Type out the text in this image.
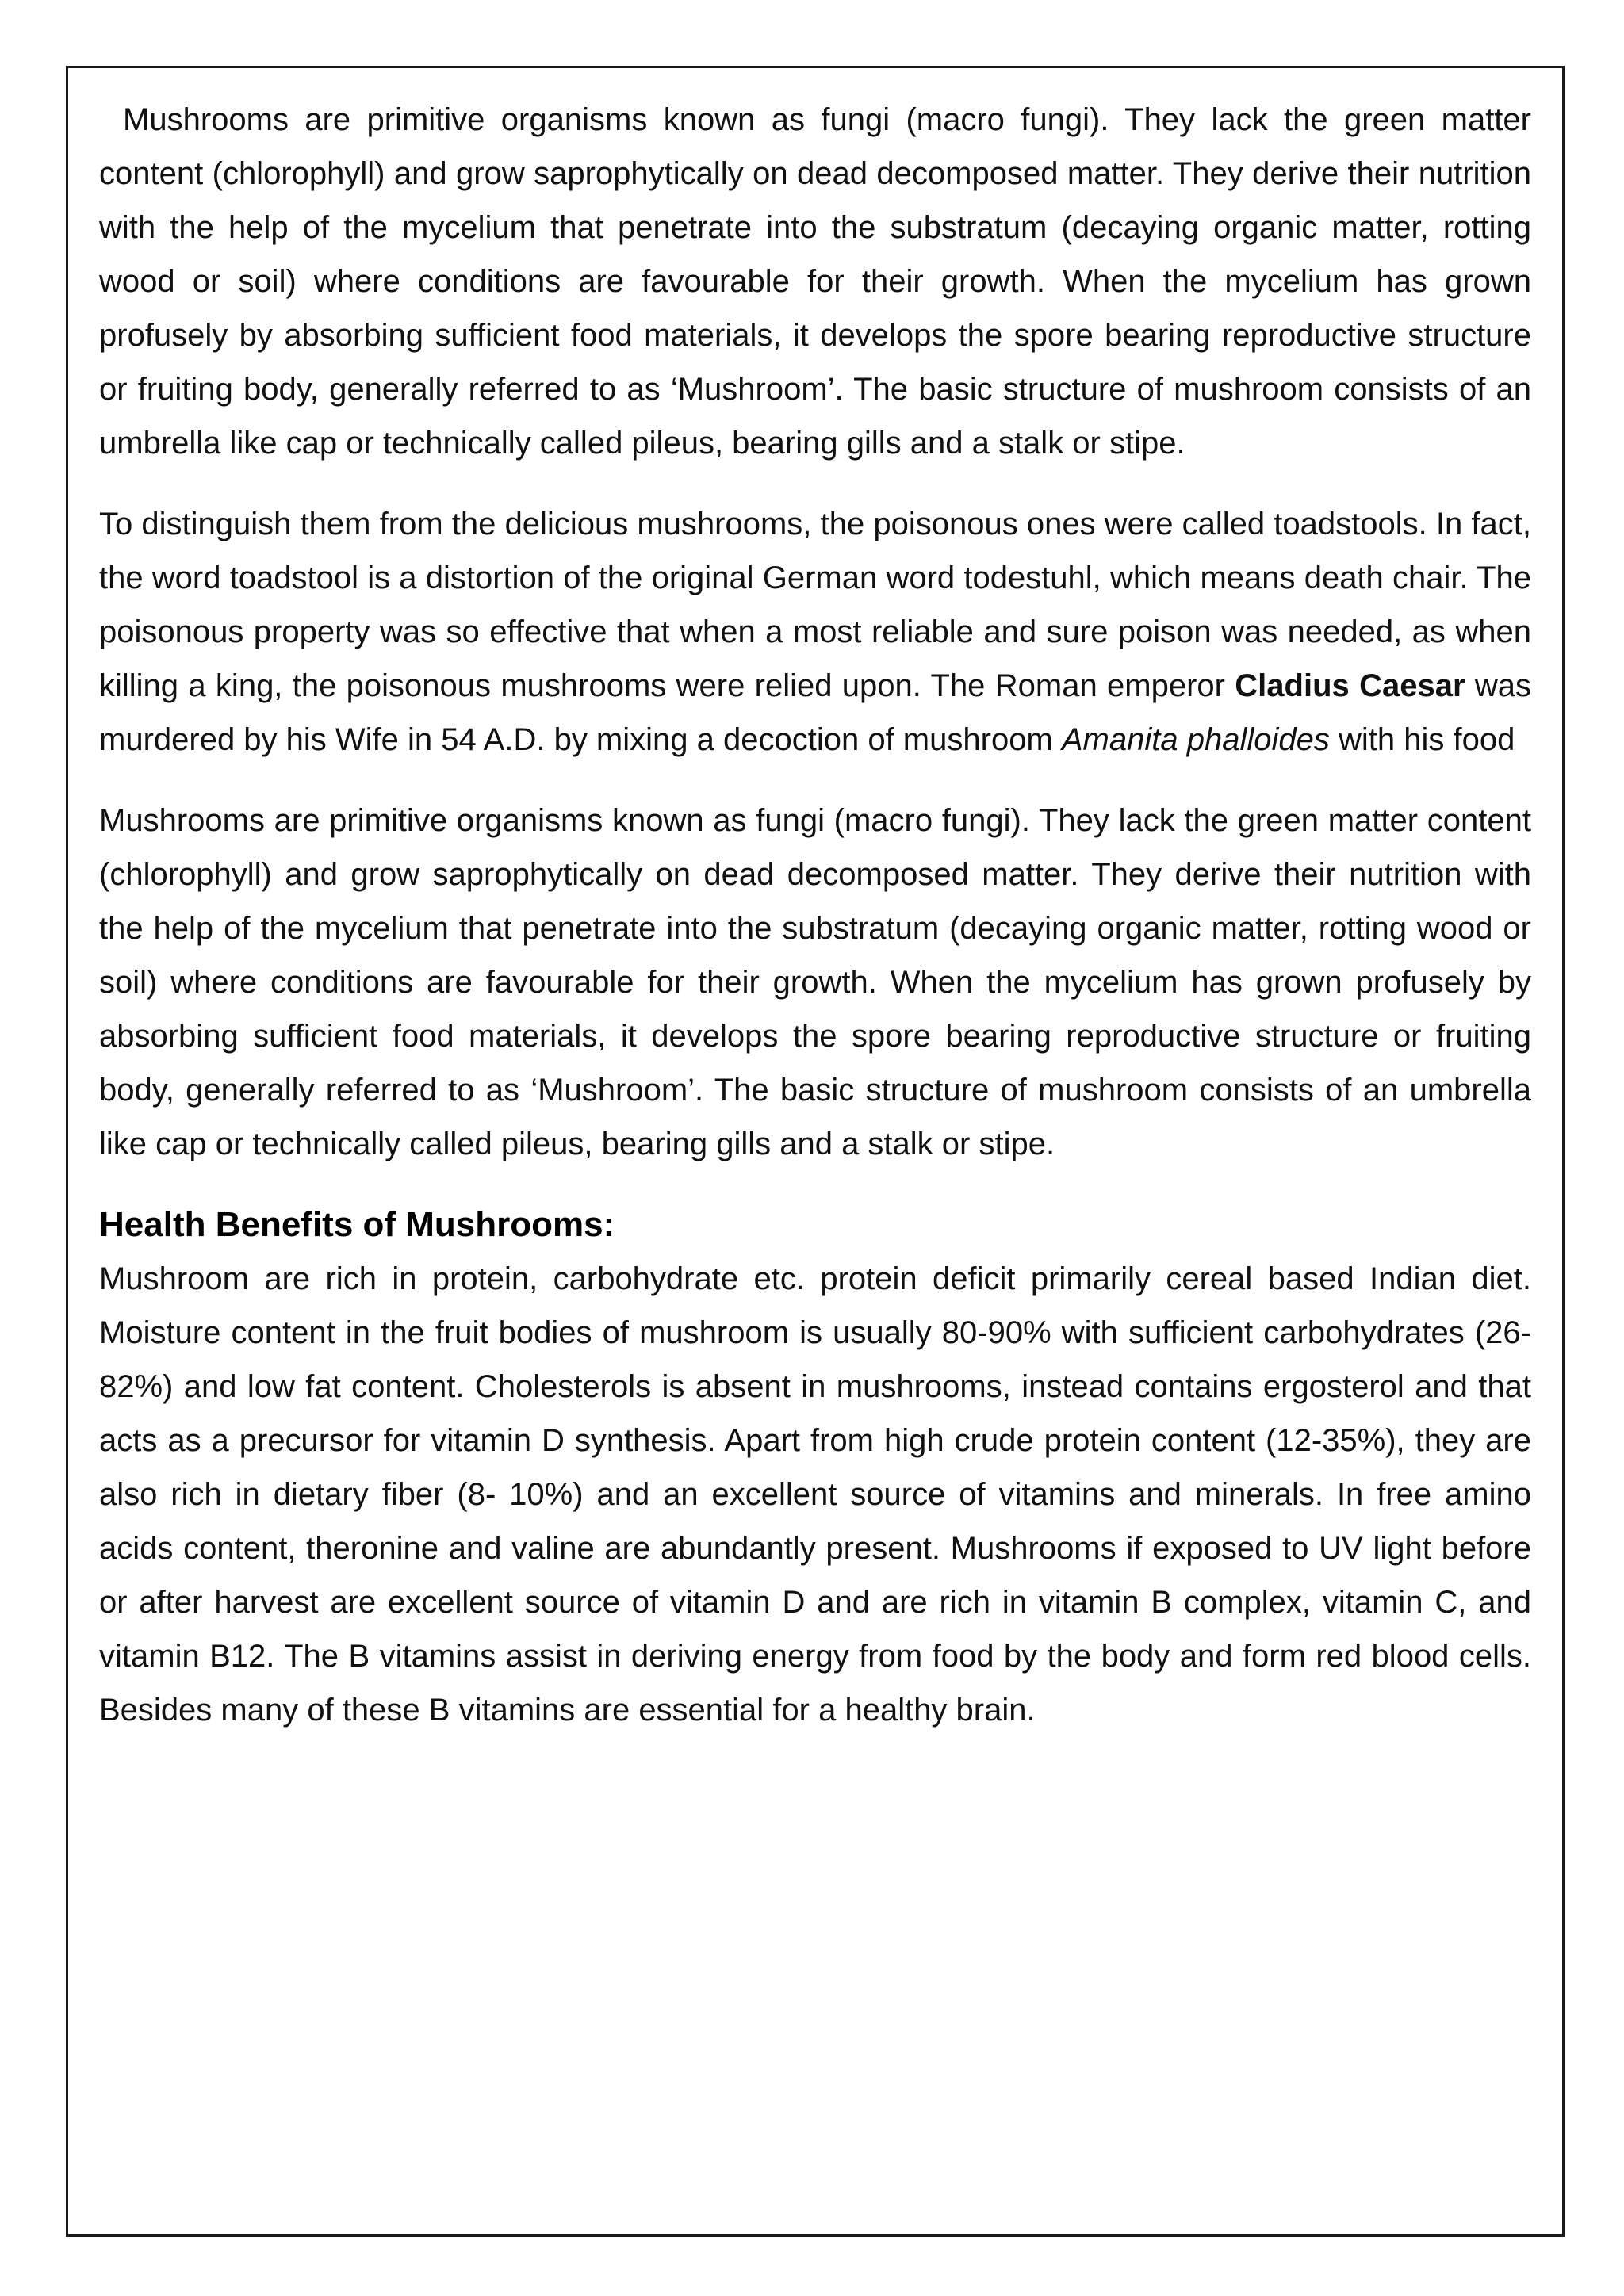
Mushrooms are primitive organisms known as fungi (macro fungi). They lack the green matter content (chlorophyll) and grow saprophytically on dead decomposed matter. They derive their nutrition with the help of the mycelium that penetrate into the substratum (decaying organic matter, rotting wood or soil) where conditions are favourable for their growth. When the mycelium has grown profusely by absorbing sufficient food materials, it develops the spore bearing reproductive structure or fruiting body, generally referred to as ‘Mushroom’. The basic structure of mushroom consists of an umbrella like cap or technically called pileus, bearing gills and a stalk or stipe.

To distinguish them from the delicious mushrooms, the poisonous ones were called toadstools. In fact, the word toadstool is a distortion of the original German word todestuhl, which means death chair. The poisonous property was so effective that when a most reliable and sure poison was needed, as when killing a king, the poisonous mushrooms were relied upon. The Roman emperor Cladius Caesar was murdered by his Wife in 54 A.D. by mixing a decoction of mushroom Amanita phalloides with his food

Mushrooms are primitive organisms known as fungi (macro fungi). They lack the green matter content (chlorophyll) and grow saprophytically on dead decomposed matter. They derive their nutrition with the help of the mycelium that penetrate into the substratum (decaying organic matter, rotting wood or soil) where conditions are favourable for their growth. When the mycelium has grown profusely by absorbing sufficient food materials, it develops the spore bearing reproductive structure or fruiting body, generally referred to as ‘Mushroom’. The basic structure of mushroom consists of an umbrella like cap or technically called pileus, bearing gills and a stalk or stipe.

Health Benefits of Mushrooms:

Mushroom are rich in protein, carbohydrate etc. protein deficit primarily cereal based Indian diet. Moisture content in the fruit bodies of mushroom is usually 80-90% with sufficient carbohydrates (26-82%) and low fat content. Cholesterols is absent in mushrooms, instead contains ergosterol and that acts as a precursor for vitamin D synthesis. Apart from high crude protein content (12-35%), they are also rich in dietary fiber (8- 10%) and an excellent source of vitamins and minerals. In free amino acids content, theronine and valine are abundantly present. Mushrooms if exposed to UV light before or after harvest are excellent source of vitamin D and are rich in vitamin B complex, vitamin C, and vitamin B12. The B vitamins assist in deriving energy from food by the body and form red blood cells. Besides many of these B vitamins are essential for a healthy brain.
